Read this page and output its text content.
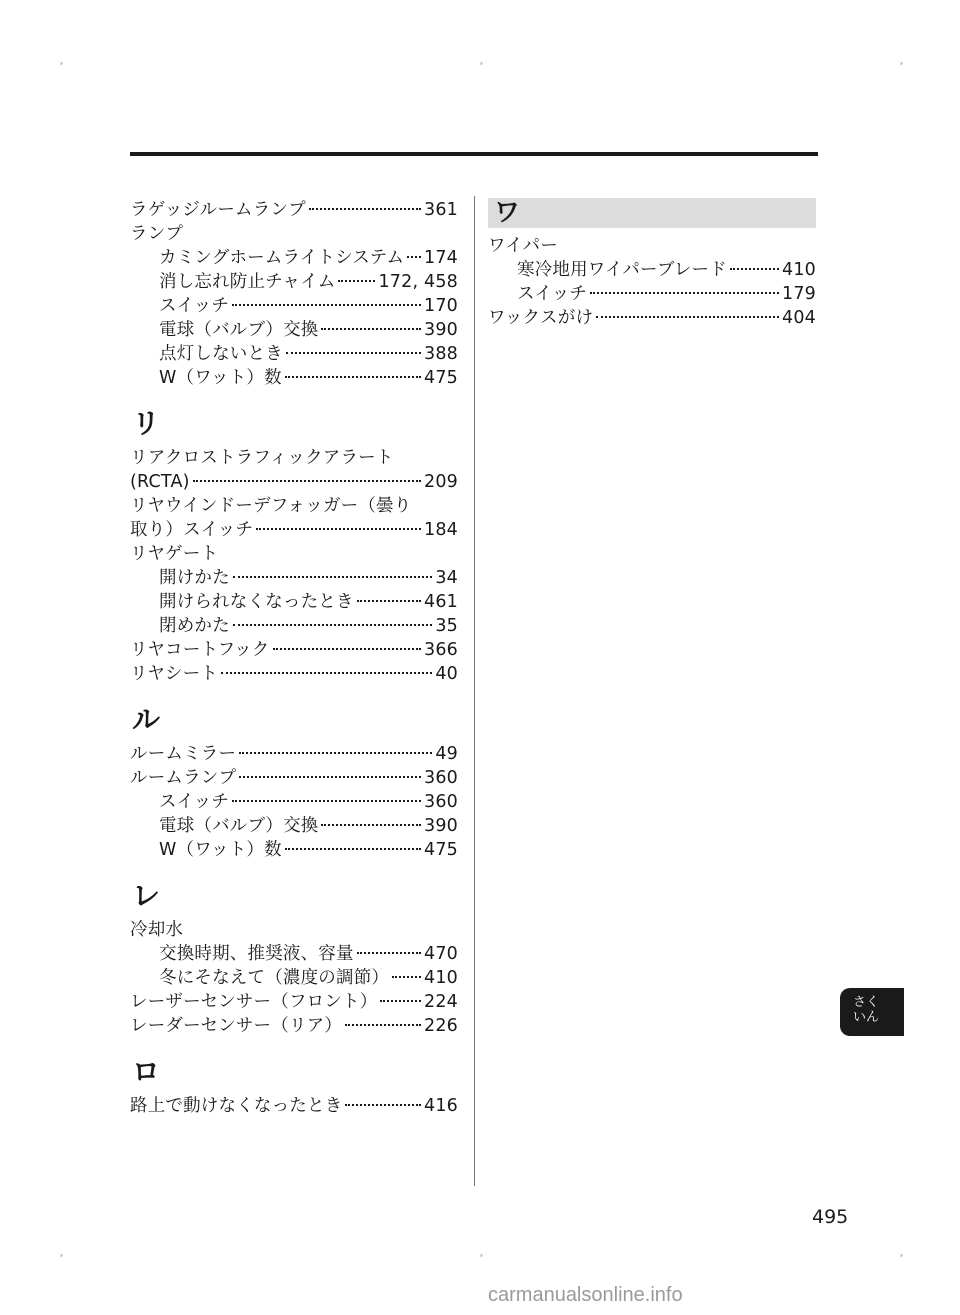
ラゲッジルームランプ	361
ランプ
カミングホームライトシステム 174
消し忘れ防止チャイム 172, 458
スイッチ	170
電球（バルブ）交換	390
点灯しないとき	388
W（ワット）数	475
リ
リアクロストラフィックアラート
(RCTA)	209
リヤウインドーデフォッガー（曇り
取り）スイッチ	184
リヤゲート
開けかた	34
開けられなくなったとき	461
閉めかた	35
リヤコートフック	366
リヤシート	40
ル
ルームミラー	49
ルームランプ	360
スイッチ	360
電球（バルブ）交換	390
W（ワット）数	475
レ
冷却水
交換時期、推奨液、容量	470
冬にそなえて（濃度の調節） 410
レーザーセンサー（フロント）	224
レーダーセンサー（リア）	226
ロ
路上で動けなくなったとき	416
ワ
ワイパー
寒冷地用ワイパーブレード	410
スイッチ	179
ワックスがけ	404
さく
いん
495
carmanualsonline.info
